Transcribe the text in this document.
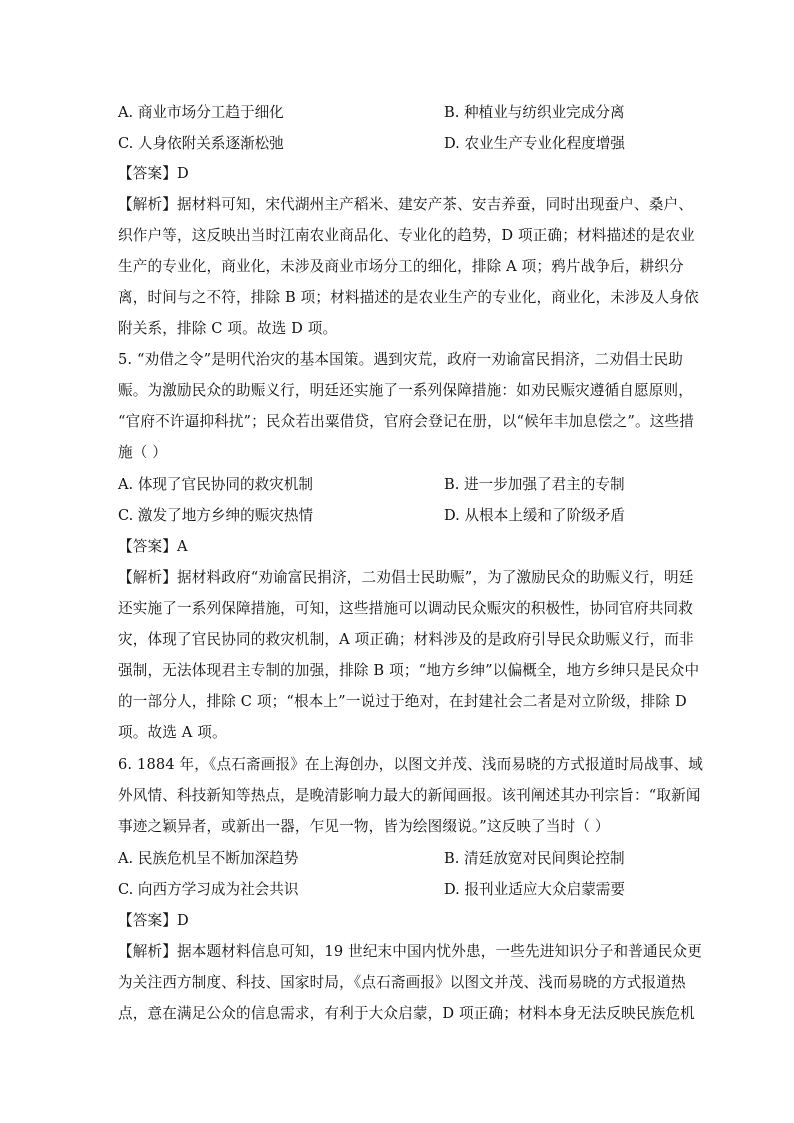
A. 商业市场分工趋于细化	B. 种植业与纺织业完成分离
C. 人身依附关系逐渐松弛	D. 农业生产专业化程度增强
【答案】D
【解析】据材料可知，宋代湖州主产稻米、建安产茶、安吉养蚕，同时出现蚕户、桑户、
织作户等，这反映出当时江南农业商品化、专业化的趋势，D 项正确；材料描述的是农业
生产的专业化，商业化，未涉及商业市场分工的细化，排除 A 项；鸦片战争后，耕织分
离，时间与之不符，排除 B 项；材料描述的是农业生产的专业化，商业化，未涉及人身依
附关系，排除 C 项。故选 D 项。
5. “劝借之令”是明代治灾的基本国策。遇到灾荒，政府一劝谕富民捐济，二劝倡士民助
赈。为激励民众的助赈义行，明廷还实施了一系列保障措施：如劝民赈灾遵循自愿原则，
“官府不许逼抑科扰”；民众若出粟借贷，官府会登记在册，以“候年丰加息偿之”。这些措
施（ ）
A. 体现了官民协同的救灾机制	B. 进一步加强了君主的专制
C. 激发了地方乡绅的赈灾热情	D. 从根本上缓和了阶级矛盾
【答案】A
【解析】据材料政府“劝谕富民捐济，二劝倡士民助赈”，为了激励民众的助赈义行，明廷
还实施了一系列保障措施，可知，这些措施可以调动民众赈灾的积极性，协同官府共同救
灾，体现了官民协同的救灾机制，A 项正确；材料涉及的是政府引导民众助赈义行，而非
强制，无法体现君主专制的加强，排除 B 项；“地方乡绅”以偏概全，地方乡绅只是民众中
的一部分人，排除 C 项；“根本上”一说过于绝对，在封建社会二者是对立阶级，排除 D
项。故选 A 项。
6. 1884 年，《点石斋画报》在上海创办，以图文并茂、浅而易晓的方式报道时局战事、域
外风情、科技新知等热点，是晚清影响力最大的新闻画报。该刊阐述其办刊宗旨：“取新闻
事迹之颖异者，或新出一器，乍见一物，皆为绘图缀说。”这反映了当时（ ）
A. 民族危机呈不断加深趋势	B. 清廷放宽对民间舆论控制
C. 向西方学习成为社会共识	D. 报刊业适应大众启蒙需要
【答案】D
【解析】据本题材料信息可知，19 世纪末中国内忧外患，一些先进知识分子和普通民众更
为关注西方制度、科技、国家时局，《点石斋画报》以图文并茂、浅而易晓的方式报道热
点，意在满足公众的信息需求，有利于大众启蒙，D 项正确；材料本身无法反映民族危机
